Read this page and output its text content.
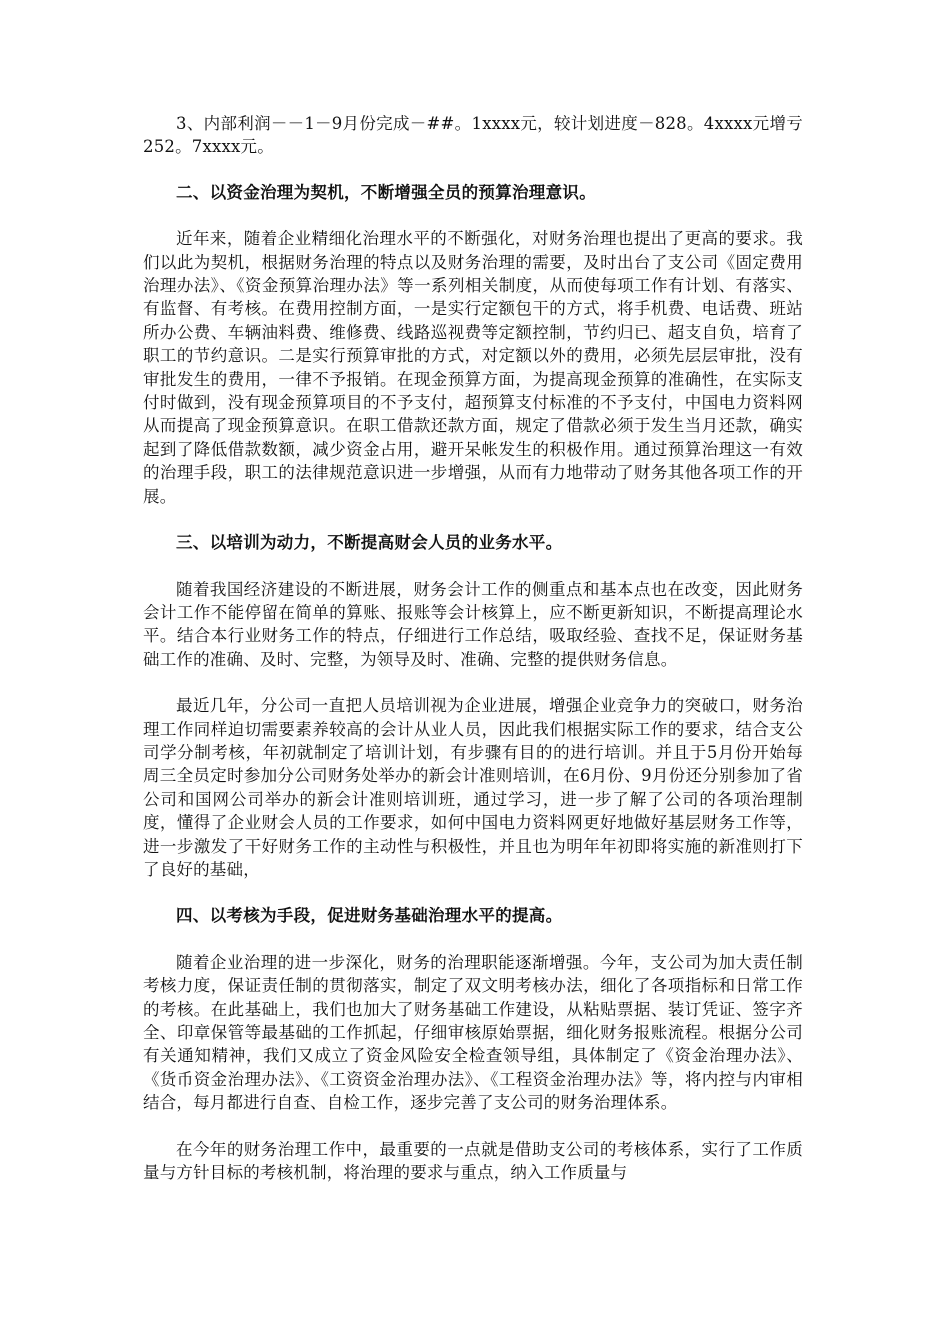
3、内部利润－－1－9月份完成－##。1xxxx元，较计划进度－828。4xxxx元增亏252。7xxxx元。

二、以资金治理为契机，不断增强全员的预算治理意识。

近年来，随着企业精细化治理水平的不断强化，对财务治理也提出了更高的要求。我们以此为契机，根据财务治理的特点以及财务治理的需要，及时出台了支公司《固定费用治理办法》、《资金预算治理办法》等一系列相关制度，从而使每项工作有计划、有落实、有监督、有考核。在费用控制方面，一是实行定额包干的方式，将手机费、电话费、班站所办公费、车辆油料费、维修费、线路巡视费等定额控制，节约归已、超支自负，培育了职工的节约意识。二是实行预算审批的方式，对定额以外的费用，必须先层层审批，没有审批发生的费用，一律不予报销。在现金预算方面，为提高现金预算的准确性，在实际支付时做到，没有现金预算项目的不予支付，超预算支付标准的不予支付，中国电力资料网从而提高了现金预算意识。在职工借款还款方面，规定了借款必须于发生当月还款，确实起到了降低借款数额，减少资金占用，避开呆帐发生的积极作用。通过预算治理这一有效的治理手段，职工的法律规范意识进一步增强，从而有力地带动了财务其他各项工作的开展。

三、以培训为动力，不断提高财会人员的业务水平。

随着我国经济建设的不断进展，财务会计工作的侧重点和基本点也在改变，因此财务会计工作不能停留在简单的算账、报账等会计核算上，应不断更新知识，不断提高理论水平。结合本行业财务工作的特点，仔细进行工作总结，吸取经验、查找不足，保证财务基础工作的准确、及时、完整，为领导及时、准确、完整的提供财务信息。

最近几年，分公司一直把人员培训视为企业进展，增强企业竞争力的突破口，财务治理工作同样迫切需要素养较高的会计从业人员，因此我们根据实际工作的要求，结合支公司学分制考核，年初就制定了培训计划，有步骤有目的的进行培训。并且于5月份开始每周三全员定时参加分公司财务处举办的新会计准则培训，在6月份、9月份还分别参加了省公司和国网公司举办的新会计准则培训班，通过学习，进一步了解了公司的各项治理制度，懂得了企业财会人员的工作要求，如何中国电力资料网更好地做好基层财务工作等，进一步激发了干好财务工作的主动性与积极性，并且也为明年年初即将实施的新准则打下了良好的基础，

四、以考核为手段，促进财务基础治理水平的提高。

随着企业治理的进一步深化，财务的治理职能逐渐增强。今年，支公司为加大责任制考核力度，保证责任制的贯彻落实，制定了双文明考核办法，细化了各项指标和日常工作的考核。在此基础上，我们也加大了财务基础工作建设，从粘贴票据、装订凭证、签字齐全、印章保管等最基础的工作抓起，仔细审核原始票据，细化财务报账流程。根据分公司有关通知精神，我们又成立了资金风险安全检查领导组，具体制定了《资金治理办法》、《货币资金治理办法》、《工资资金治理办法》、《工程资金治理办法》等，将内控与内审相结合，每月都进行自查、自检工作，逐步完善了支公司的财务治理体系。

在今年的财务治理工作中，最重要的一点就是借助支公司的考核体系，实行了工作质量与方针目标的考核机制，将治理的要求与重点，纳入工作质量与
